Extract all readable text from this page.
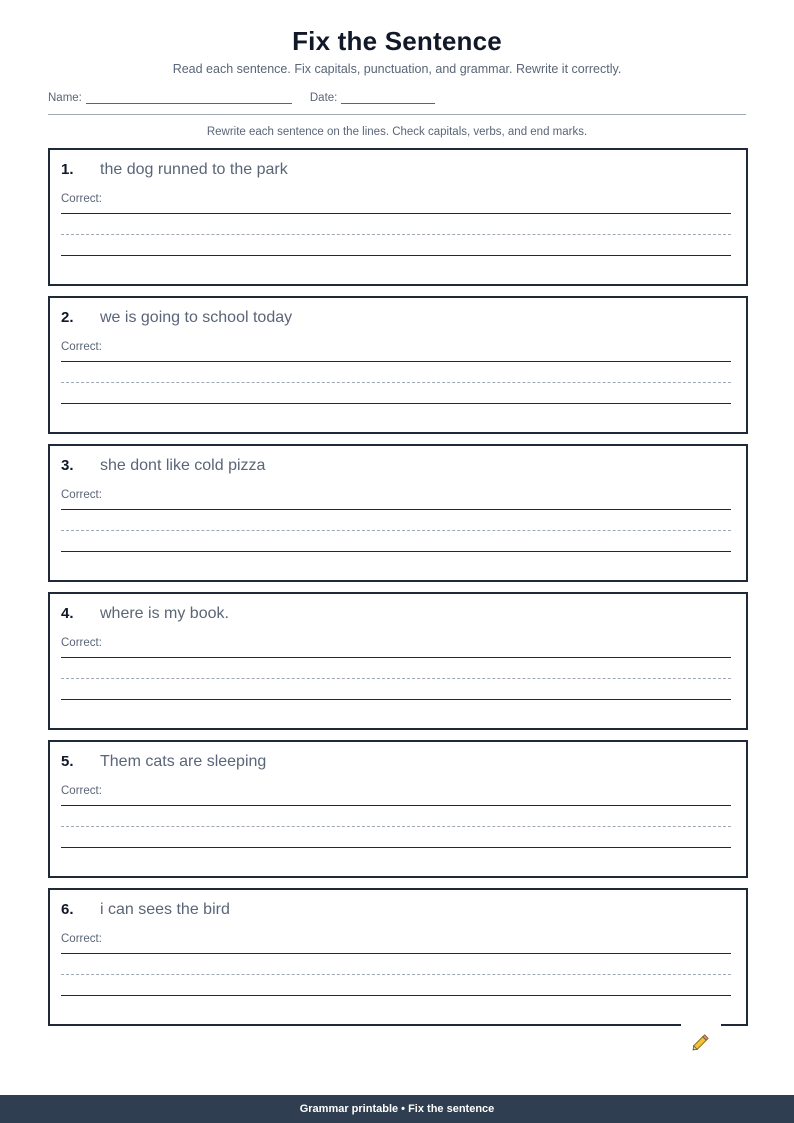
Fix the Sentence
Read each sentence. Fix capitals, punctuation, and grammar. Rewrite it correctly.
Name:	Date:
Rewrite each sentence on the lines. Check capitals, verbs, and end marks.
1. the dog runned to the park
Correct:
2. we is going to school today
Correct:
3. she dont like cold pizza
Correct:
4. where is my book.
Correct:
5. Them cats are sleeping
Correct:
6. i can sees the bird
Correct:
Grammar printable • Fix the sentence
